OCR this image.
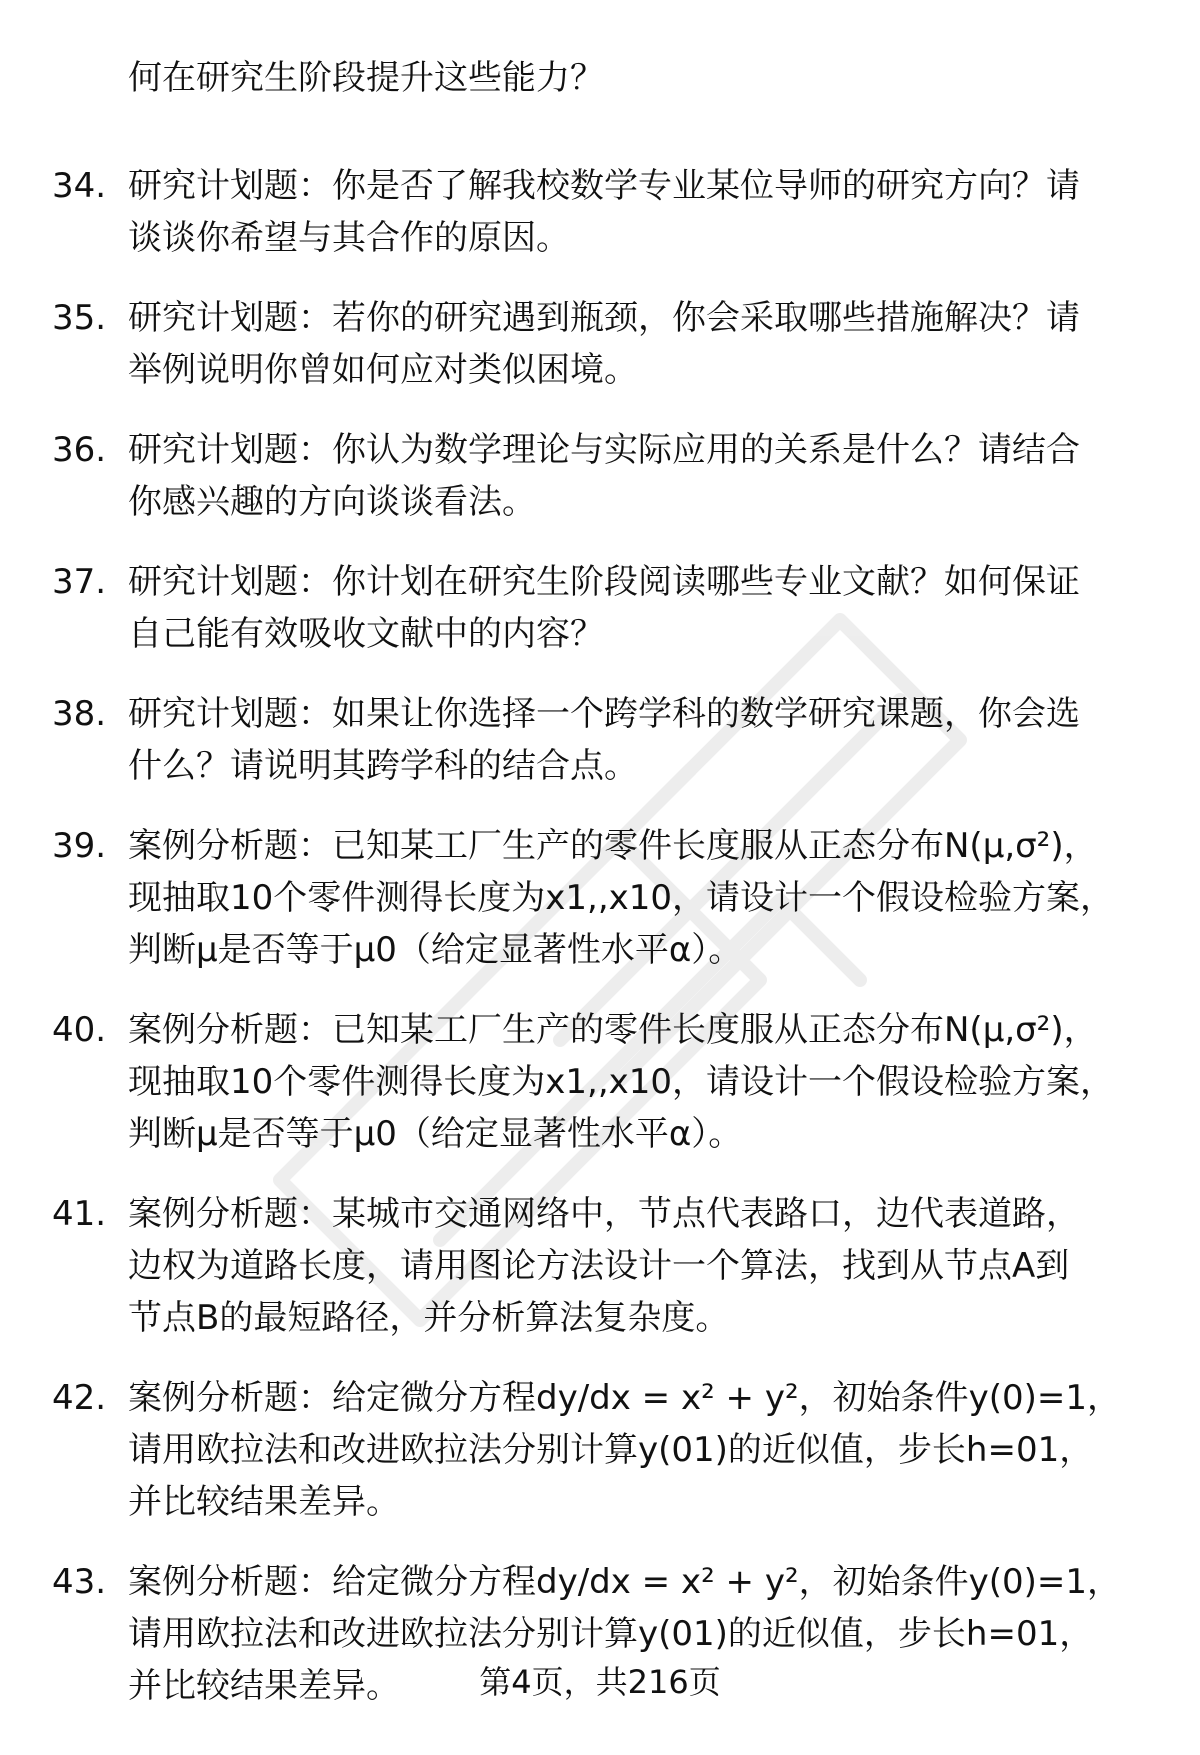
何在研究生阶段提升这些能力？
34. 研究计划题：你是否了解我校数学专业某位导师的研究方向？请
谈谈你希望与其合作的原因。
35. 研究计划题：若你的研究遇到瓶颈，你会采取哪些措施解决？请
举例说明你曾如何应对类似困境。
36. 研究计划题：你认为数学理论与实际应用的关系是什么？请结合
你感兴趣的方向谈谈看法。
37. 研究计划题：你计划在研究生阶段阅读哪些专业文献？如何保证
自己能有效吸收文献中的内容？
38. 研究计划题：如果让你选择一个跨学科的数学研究课题，你会选
什么？请说明其跨学科的结合点。
39. 案例分析题：已知某工厂生产的零件长度服从正态分布N(μ,σ²)，
现抽取10个零件测得长度为x1,,x10，请设计一个假设检验方案，
判断μ是否等于μ0（给定显著性水平α）。
40. 案例分析题：已知某工厂生产的零件长度服从正态分布N(μ,σ²)，
现抽取10个零件测得长度为x1,,x10，请设计一个假设检验方案，
判断μ是否等于μ0（给定显著性水平α）。
41. 案例分析题：某城市交通网络中，节点代表路口，边代表道路，
边权为道路长度，请用图论方法设计一个算法，找到从节点A到
节点B的最短路径，并分析算法复杂度。
42. 案例分析题：给定微分方程dy/dx = x² + y²，初始条件y(0)=1，
请用欧拉法和改进欧拉法分别计算y(01)的近似值，步长h=01，
并比较结果差异。
43. 案例分析题：给定微分方程dy/dx = x² + y²，初始条件y(0)=1，
请用欧拉法和改进欧拉法分别计算y(01)的近似值，步长h=01，
并比较结果差异。	第4页，共216页
